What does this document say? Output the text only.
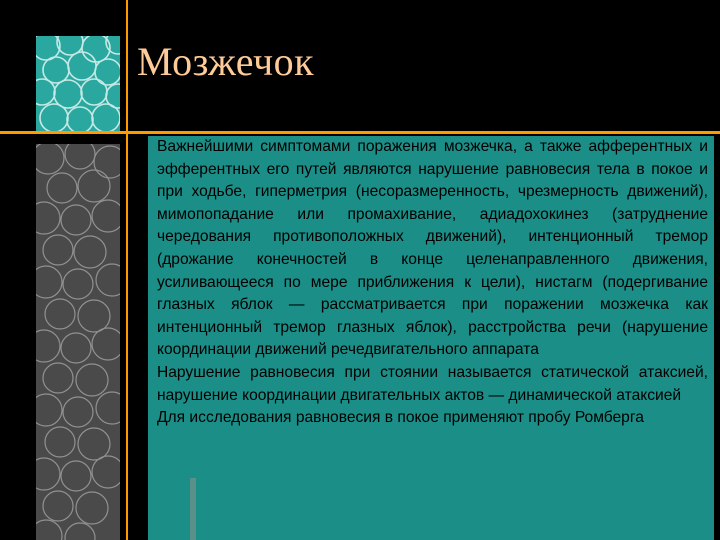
Мозжечок

Важнейшими симптомами поражения мозжечка, а также афферентных и эфферентных его путей являются нарушение равновесия тела в покое и при ходьбе, гиперметрия (несоразмеренность, чрезмерность движений), мимопопадание или промахивание, адиадохокинез (затруднение чередования противоположных движений), интенционный тремор (дрожание конечностей в конце целенаправленного движения, усиливающееся по мере приближения к цели), нистагм (подергивание глазных яблок — рассматривается при поражении мозжечка как интенционный тремор глазных яблок), расстройства речи (нарушение координации движений речедвигательного аппарата

Нарушение равновесия при стоянии называется статической атаксией, нарушение координации двигательных актов — динамической атаксией

Для исследования равновесия в покое применяют пробу Ромберга
